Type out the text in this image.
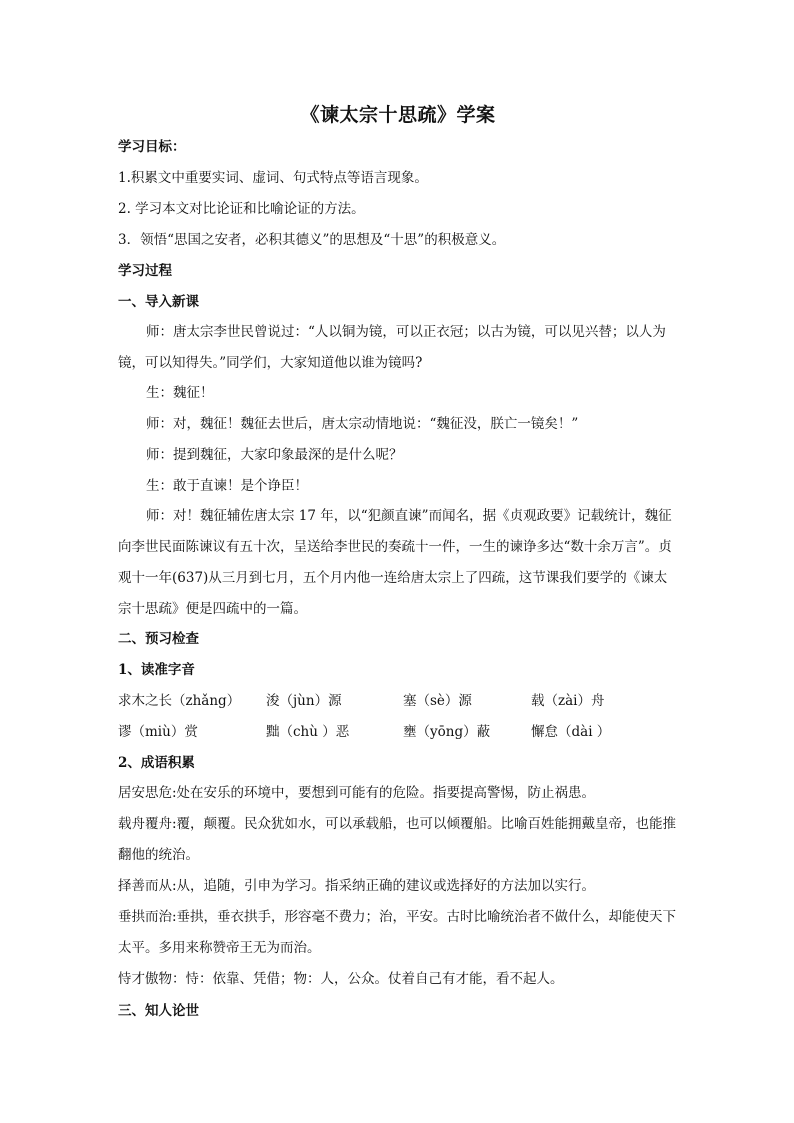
《谏太宗十思疏》学案
学习目标：
1.积累文中重要实词、虚词、句式特点等语言现象。
2. 学习本文对比论证和比喻论证的方法。
3．领悟“思国之安者，必积其德义”的思想及“十思”的积极意义。
学习过程
一、导入新课

师：唐太宗李世民曾说过：“人以铜为镜，可以正衣冠；以古为镜，可以见兴替；以人为镜，可以知得失。”同学们，大家知道他以谁为镜吗?

生：魏征！
师：对，魏征！魏征去世后，唐太宗动情地说：“魏征没，朕亡一镜矣！”
师：提到魏征，大家印象最深的是什么呢？
生：敢于直谏！是个诤臣！

师：对！魏征辅佐唐太宗 17 年，以“犯颜直谏”而闻名，据《贞观政要》记载统计，魏征向李世民面陈谏议有五十次，呈送给李世民的奏疏十一件，一生的谏诤多达“数十余万言”。贞观十一年(637)从三月到七月，五个月内他一连给唐太宗上了四疏，这节课我们要学的《谏太宗十思疏》便是四疏中的一篇。

二、预习检查
1、读准字音
求木之长（zhǎng）	浚（jùn）源	塞（sè）源	载（zài）舟
谬（miù）赏	黜（chù ）恶	壅（yōng）蔽	懈怠（dài ）
2、成语积累

居安思危:处在安乐的环境中，要想到可能有的危险。指要提高警惕，防止祸患。

载舟覆舟:覆，颠覆。民众犹如水，可以承载船，也可以倾覆船。比喻百姓能拥戴皇帝，也能推翻他的统治。

择善而从:从，追随，引申为学习。指采纳正确的建议或选择好的方法加以实行。

垂拱而治:垂拱，垂衣拱手，形容毫不费力；治，平安。古时比喻统治者不做什么，却能使天下太平。多用来称赞帝王无为而治。

恃才傲物：恃：依靠、凭借；物：人，公众。仗着自己有才能，看不起人。

三、知人论世
